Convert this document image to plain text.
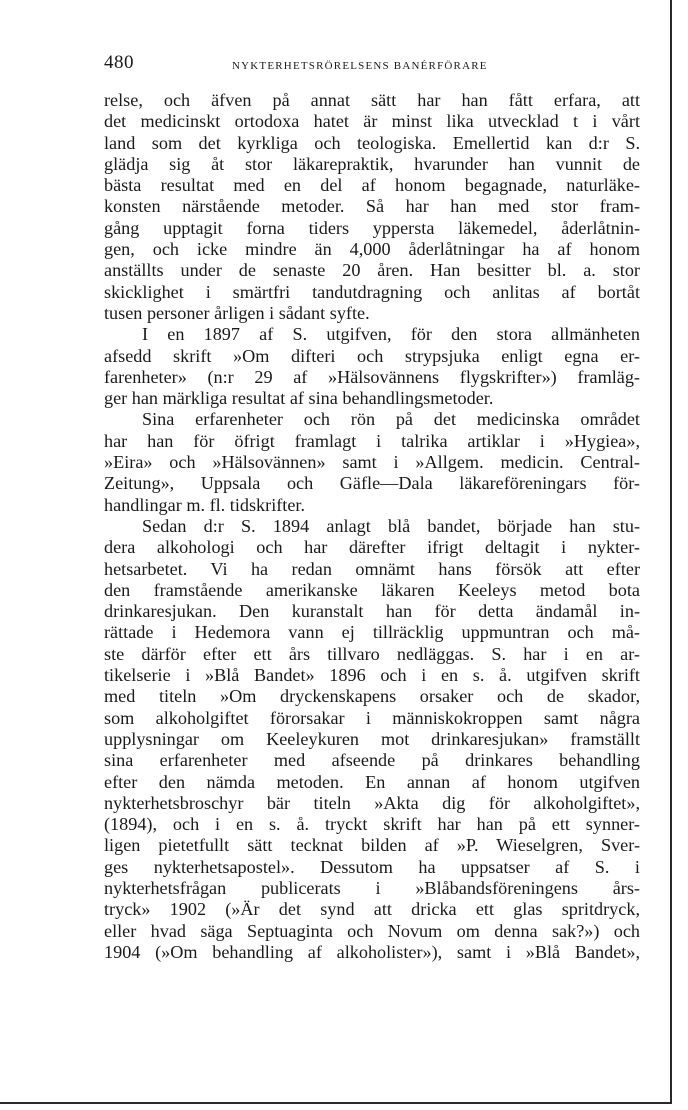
480	NYKTERHETSRÖRELSENS BANÉRFÖRARE
relse, och äfven på annat sätt har han fått erfara, att
det medicinskt ortodoxa hatet är minst lika utvecklad t i vårt
land som det kyrkliga och teologiska. Emellertid kan d:r S.
glädja sig åt stor läkarepraktik, hvarunder han vunnit de
bästa resultat med en del af honom begagnade, naturläke-
konsten närstående metoder. Så har han med stor fram-
gång upptagit forna tiders yppersta läkemedel, åderlåtnin-
gen, och icke mindre än 4,000 åderlåtningar ha af honom
anställts under de senaste 20 åren. Han besitter bl. a. stor
skicklighet i smärtfri tandutdragning och anlitas af bortåt
tusen personer årligen i sådant syfte.
I en 1897 af S. utgifven, för den stora allmänheten
afsedd skrift »Om difteri och strypsjuka enligt egna er-
farenheter» (n:r 29 af »Hälsovännens flygskrifter») framläg-
ger han märkliga resultat af sina behandlingsmetoder.
Sina erfarenheter och rön på det medicinska området
har han för öfrigt framlagt i talrika artiklar i »Hygiea»,
»Eira» och »Hälsovännen» samt i »Allgem. medicin. Central-
Zeitung», Uppsala och Gäfle—Dala läkareföreningars för-
handlingar m. fl. tidskrifter.
Sedan d:r S. 1894 anlagt blå bandet, började han stu-
dera alkohologi och har därefter ifrigt deltagit i nykter-
hetsarbetet. Vi ha redan omnämt hans försök att efter
den framstående amerikanske läkaren Keeleys metod bota
drinkaresjukan. Den kuranstalt han för detta ändamål in-
rättade i Hedemora vann ej tillräcklig uppmuntran och må-
ste därför efter ett års tillvaro nedläggas. S. har i en ar-
tikelserie i »Blå Bandet» 1896 och i en s. å. utgifven skrift
med titeln »Om dryckenskapens orsaker och de skador,
som alkoholgiftet förorsakar i människokroppen samt några
upplysningar om Keeleykuren mot drinkaresjukan» framställt
sina erfarenheter med afseende på drinkares behandling
efter den nämda metoden. En annan af honom utgifven
nykterhetsbroschyr bär titeln »Akta dig för alkoholgiftet»,
(1894), och i en s. å. tryckt skrift har han på ett synner-
ligen pietetfullt sätt tecknat bilden af »P. Wieselgren, Sver-
ges nykterhetsapostel». Dessutom ha uppsatser af S. i
nykterhetsfrågan publicerats i »Blåbandsföreningens års-
tryck» 1902 (»Är det synd att dricka ett glas spritdryck,
eller hvad säga Septuaginta och Novum om denna sak?») och
1904 (»Om behandling af alkoholister»), samt i »Blå Bandet»,
